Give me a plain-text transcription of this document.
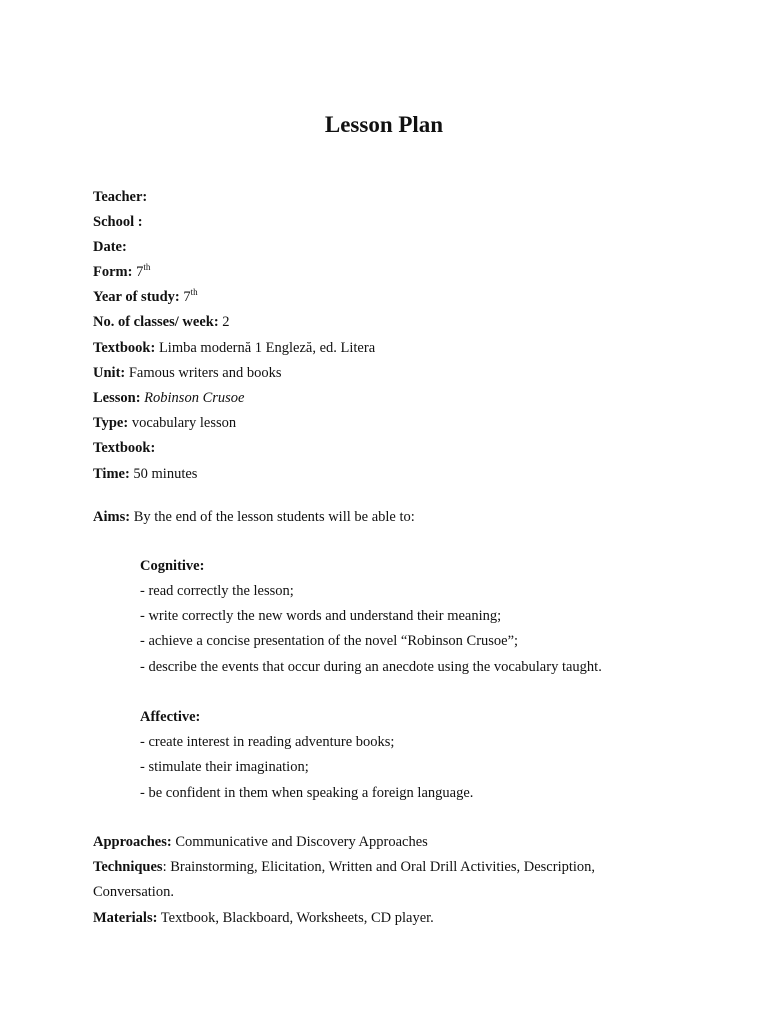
Lesson Plan
Teacher:
School :
Date:
Form: 7th
Year of study: 7th
No. of classes/ week: 2
Textbook: Limba modernă 1 Engleză, ed. Litera
Unit: Famous writers and books
Lesson: Robinson Crusoe
Type: vocabulary lesson
Textbook:
Time: 50 minutes
Aims: By the end of the lesson students will be able to:
Cognitive:
- read correctly the lesson;
- write correctly the new words and understand their meaning;
- achieve a concise presentation of the novel “Robinson Crusoe”;
- describe the events that occur during an anecdote using the vocabulary taught.
Affective:
- create interest in reading adventure books;
- stimulate their imagination;
- be confident in them when speaking a foreign language.
Approaches: Communicative and Discovery Approaches
Techniques: Brainstorming, Elicitation, Written and Oral Drill Activities, Description, Conversation.
Materials: Textbook, Blackboard, Worksheets, CD player.
